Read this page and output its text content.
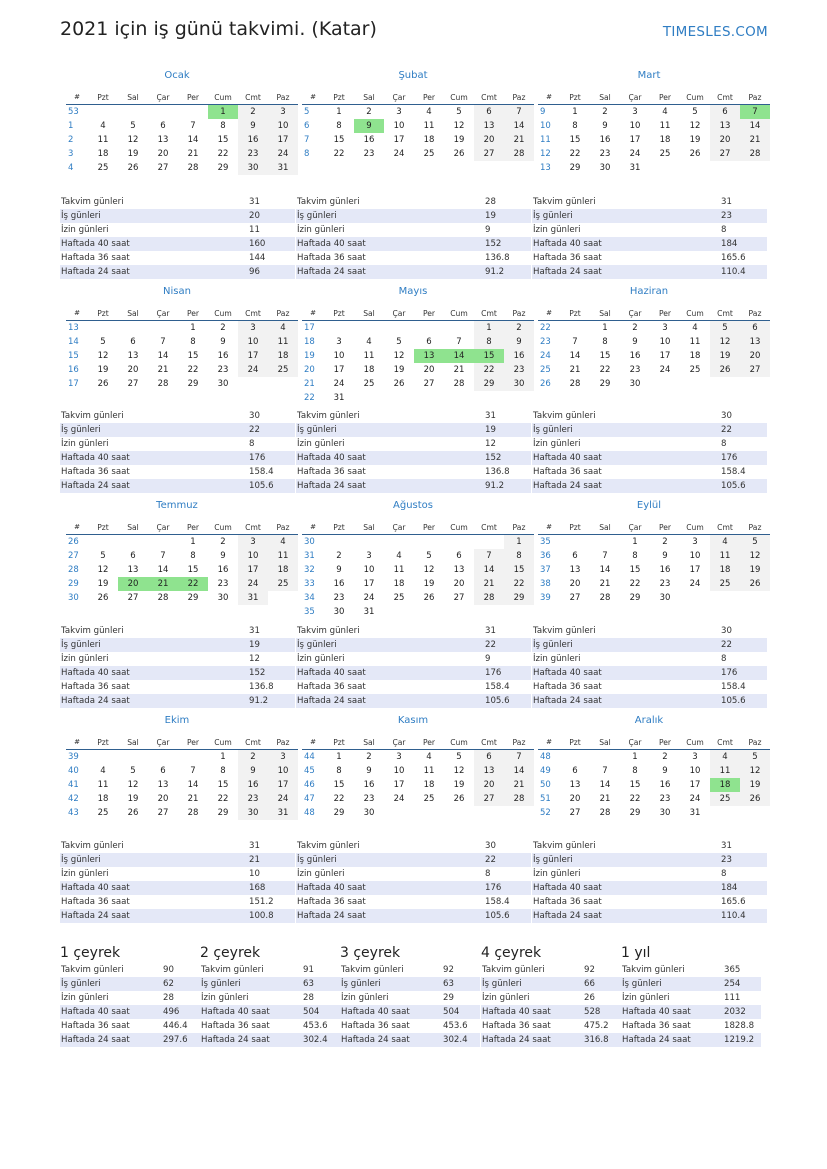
2021 için iş günü takvimi. (Katar)	TIMESLES.COM
Ocak
#	Pzt	Sal	Çar	Per	Cum	Cmt	Paz
53					1	2	3
1	4	5	6	7	8	9	10
2	11	12	13	14	15	16	17
3	18	19	20	21	22	23	24
4	25	26	27	28	29	30	31
Takvim günleri	31
İş günleri	20
İzin günleri	11
Haftada 40 saat	160
Haftada 36 saat	144
Haftada 24 saat	96
Şubat
#	Pzt	Sal	Çar	Per	Cum	Cmt	Paz
5	1	2	3	4	5	6	7
6	8	9	10	11	12	13	14
7	15	16	17	18	19	20	21
8	22	23	24	25	26	27	28
Takvim günleri	28
İş günleri	19
İzin günleri	9
Haftada 40 saat	152
Haftada 36 saat	136.8
Haftada 24 saat	91.2
Mart
#	Pzt	Sal	Çar	Per	Cum	Cmt	Paz
9	1	2	3	4	5	6	7
10	8	9	10	11	12	13	14
11	15	16	17	18	19	20	21
12	22	23	24	25	26	27	28
13	29	30	31				
Takvim günleri	31
İş günleri	23
İzin günleri	8
Haftada 40 saat	184
Haftada 36 saat	165.6
Haftada 24 saat	110.4
Nisan
#	Pzt	Sal	Çar	Per	Cum	Cmt	Paz
13				1	2	3	4
14	5	6	7	8	9	10	11
15	12	13	14	15	16	17	18
16	19	20	21	22	23	24	25
17	26	27	28	29	30		
Takvim günleri	30
İş günleri	22
İzin günleri	8
Haftada 40 saat	176
Haftada 36 saat	158.4
Haftada 24 saat	105.6
Mayıs
#	Pzt	Sal	Çar	Per	Cum	Cmt	Paz
17						1	2
18	3	4	5	6	7	8	9
19	10	11	12	13	14	15	16
20	17	18	19	20	21	22	23
21	24	25	26	27	28	29	30
22	31						
Takvim günleri	31
İş günleri	19
İzin günleri	12
Haftada 40 saat	152
Haftada 36 saat	136.8
Haftada 24 saat	91.2
Haziran
#	Pzt	Sal	Çar	Per	Cum	Cmt	Paz
22		1	2	3	4	5	6
23	7	8	9	10	11	12	13
24	14	15	16	17	18	19	20
25	21	22	23	24	25	26	27
26	28	29	30				
Takvim günleri	30
İş günleri	22
İzin günleri	8
Haftada 40 saat	176
Haftada 36 saat	158.4
Haftada 24 saat	105.6
Temmuz
#	Pzt	Sal	Çar	Per	Cum	Cmt	Paz
26				1	2	3	4
27	5	6	7	8	9	10	11
28	12	13	14	15	16	17	18
29	19	20	21	22	23	24	25
30	26	27	28	29	30	31	
Takvim günleri	31
İş günleri	19
İzin günleri	12
Haftada 40 saat	152
Haftada 36 saat	136.8
Haftada 24 saat	91.2
Ağustos
#	Pzt	Sal	Çar	Per	Cum	Cmt	Paz
30							1
31	2	3	4	5	6	7	8
32	9	10	11	12	13	14	15
33	16	17	18	19	20	21	22
34	23	24	25	26	27	28	29
35	30	31					
Takvim günleri	31
İş günleri	22
İzin günleri	9
Haftada 40 saat	176
Haftada 36 saat	158.4
Haftada 24 saat	105.6
Eylül
#	Pzt	Sal	Çar	Per	Cum	Cmt	Paz
35			1	2	3	4	5
36	6	7	8	9	10	11	12
37	13	14	15	16	17	18	19
38	20	21	22	23	24	25	26
39	27	28	29	30			
Takvim günleri	30
İş günleri	22
İzin günleri	8
Haftada 40 saat	176
Haftada 36 saat	158.4
Haftada 24 saat	105.6
Ekim
#	Pzt	Sal	Çar	Per	Cum	Cmt	Paz
39					1	2	3
40	4	5	6	7	8	9	10
41	11	12	13	14	15	16	17
42	18	19	20	21	22	23	24
43	25	26	27	28	29	30	31
Takvim günleri	31
İş günleri	21
İzin günleri	10
Haftada 40 saat	168
Haftada 36 saat	151.2
Haftada 24 saat	100.8
Kasım
#	Pzt	Sal	Çar	Per	Cum	Cmt	Paz
44	1	2	3	4	5	6	7
45	8	9	10	11	12	13	14
46	15	16	17	18	19	20	21
47	22	23	24	25	26	27	28
48	29	30					
Takvim günleri	30
İş günleri	22
İzin günleri	8
Haftada 40 saat	176
Haftada 36 saat	158.4
Haftada 24 saat	105.6
Aralık
#	Pzt	Sal	Çar	Per	Cum	Cmt	Paz
48			1	2	3	4	5
49	6	7	8	9	10	11	12
50	13	14	15	16	17	18	19
51	20	21	22	23	24	25	26
52	27	28	29	30	31		
Takvim günleri	31
İş günleri	23
İzin günleri	8
Haftada 40 saat	184
Haftada 36 saat	165.6
Haftada 24 saat	110.4
1 çeyrek
Takvim günleri	90
İş günleri	62
İzin günleri	28
Haftada 40 saat	496
Haftada 36 saat	446.4
Haftada 24 saat	297.6
2 çeyrek
Takvim günleri	91
İş günleri	63
İzin günleri	28
Haftada 40 saat	504
Haftada 36 saat	453.6
Haftada 24 saat	302.4
3 çeyrek
Takvim günleri	92
İş günleri	63
İzin günleri	29
Haftada 40 saat	504
Haftada 36 saat	453.6
Haftada 24 saat	302.4
4 çeyrek
Takvim günleri	92
İş günleri	66
İzin günleri	26
Haftada 40 saat	528
Haftada 36 saat	475.2
Haftada 24 saat	316.8
1 yıl
Takvim günleri	365
İş günleri	254
İzin günleri	111
Haftada 40 saat	2032
Haftada 36 saat	1828.8
Haftada 24 saat	1219.2
